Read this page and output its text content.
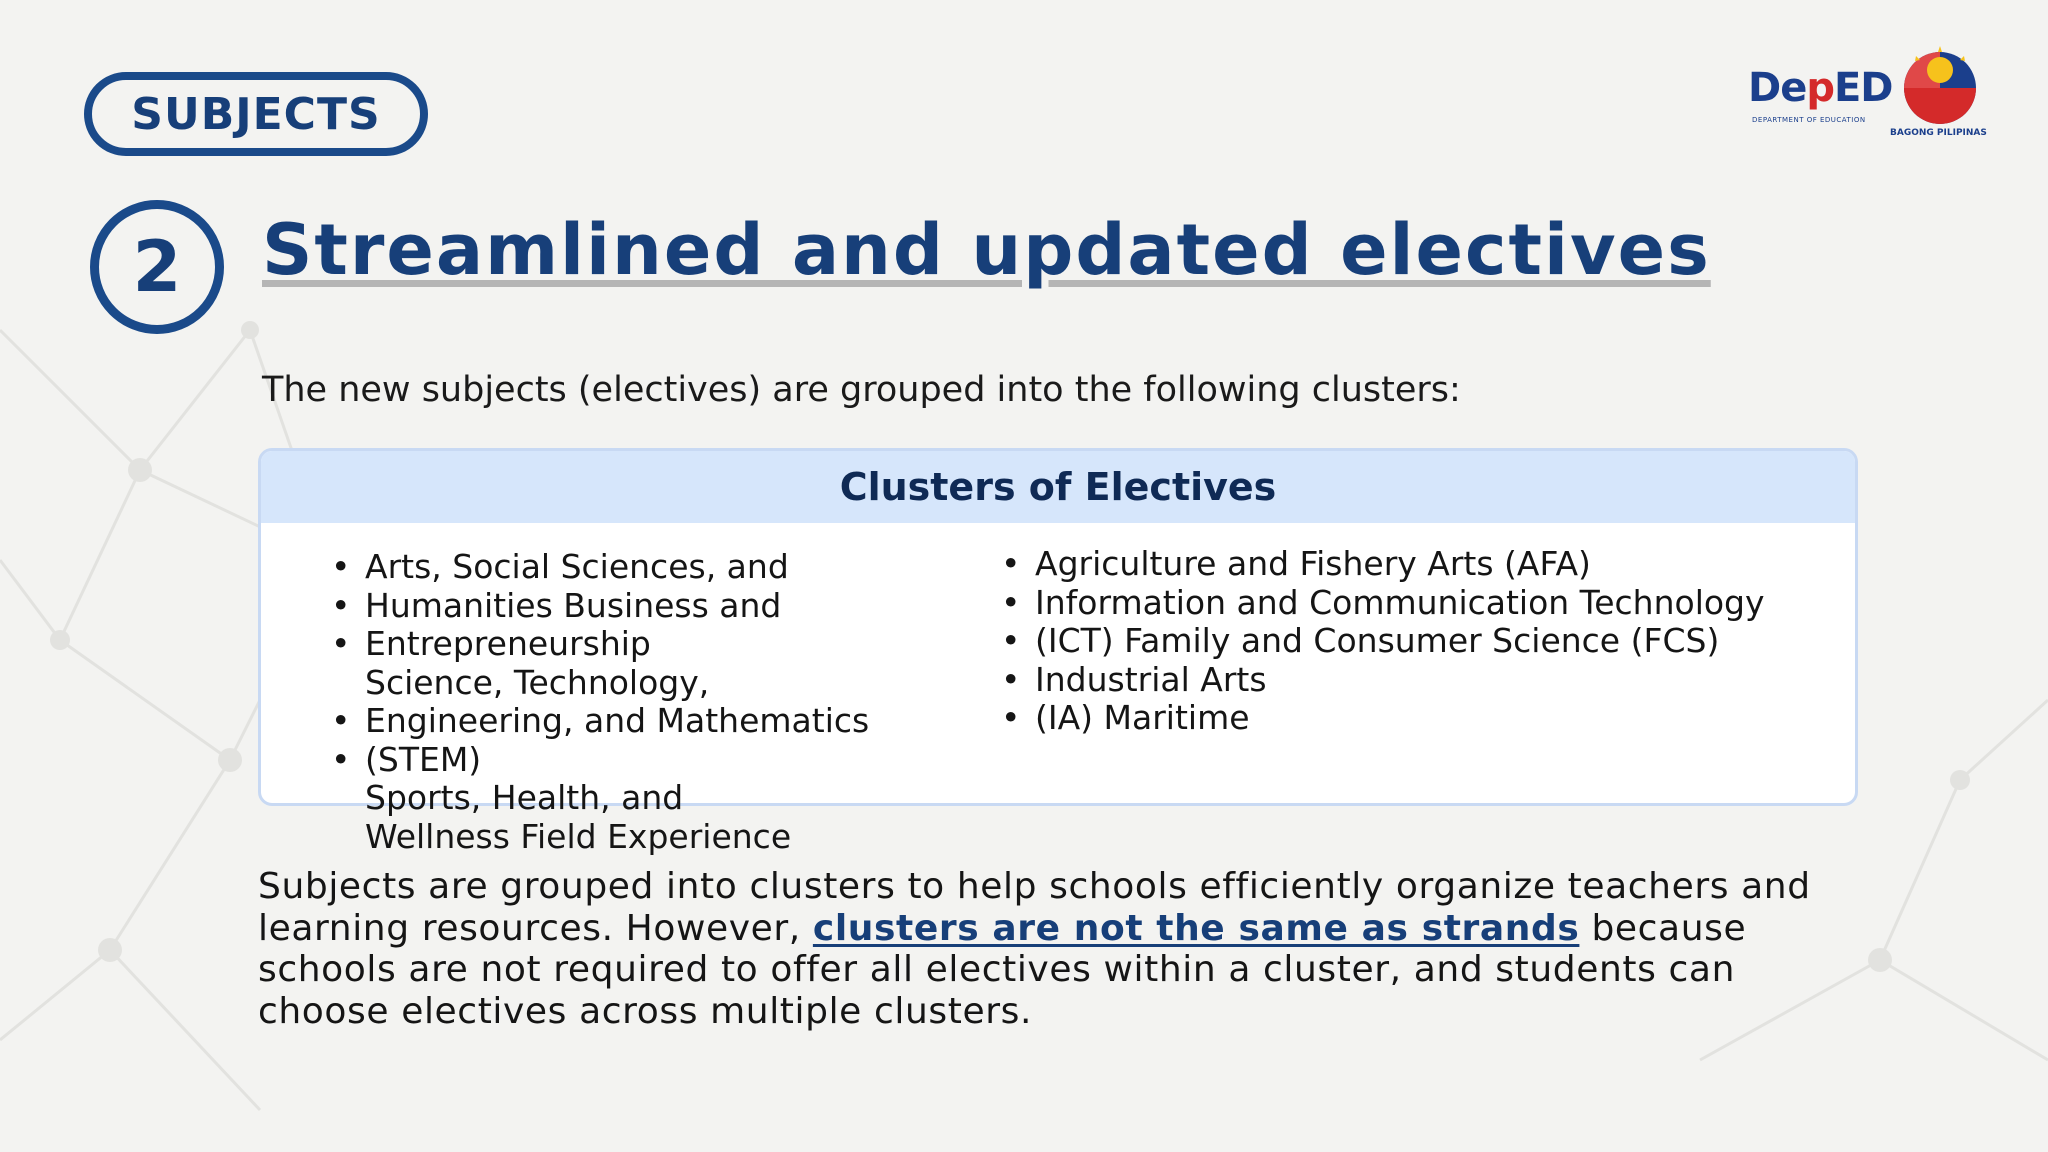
SUBJECTS
2 Streamlined and updated electives
DepED
DEPARTMENT OF EDUCATION
BAGONG PILIPINAS

The new subjects (electives) are grouped into the following clusters:

Clusters of Electives
• Arts, Social Sciences, and
• Humanities Business and
• Entrepreneurship
Science, Technology,
• Engineering, and Mathematics
• (STEM)
Sports, Health, and
Wellness Field Experience
• Agriculture and Fishery Arts (AFA)
• Information and Communication Technology
• (ICT) Family and Consumer Science (FCS)
• Industrial Arts
• (IA) Maritime

Subjects are grouped into clusters to help schools efficiently organize teachers and learning resources. However, clusters are not the same as strands because schools are not required to offer all electives within a cluster, and students can choose electives across multiple clusters.
